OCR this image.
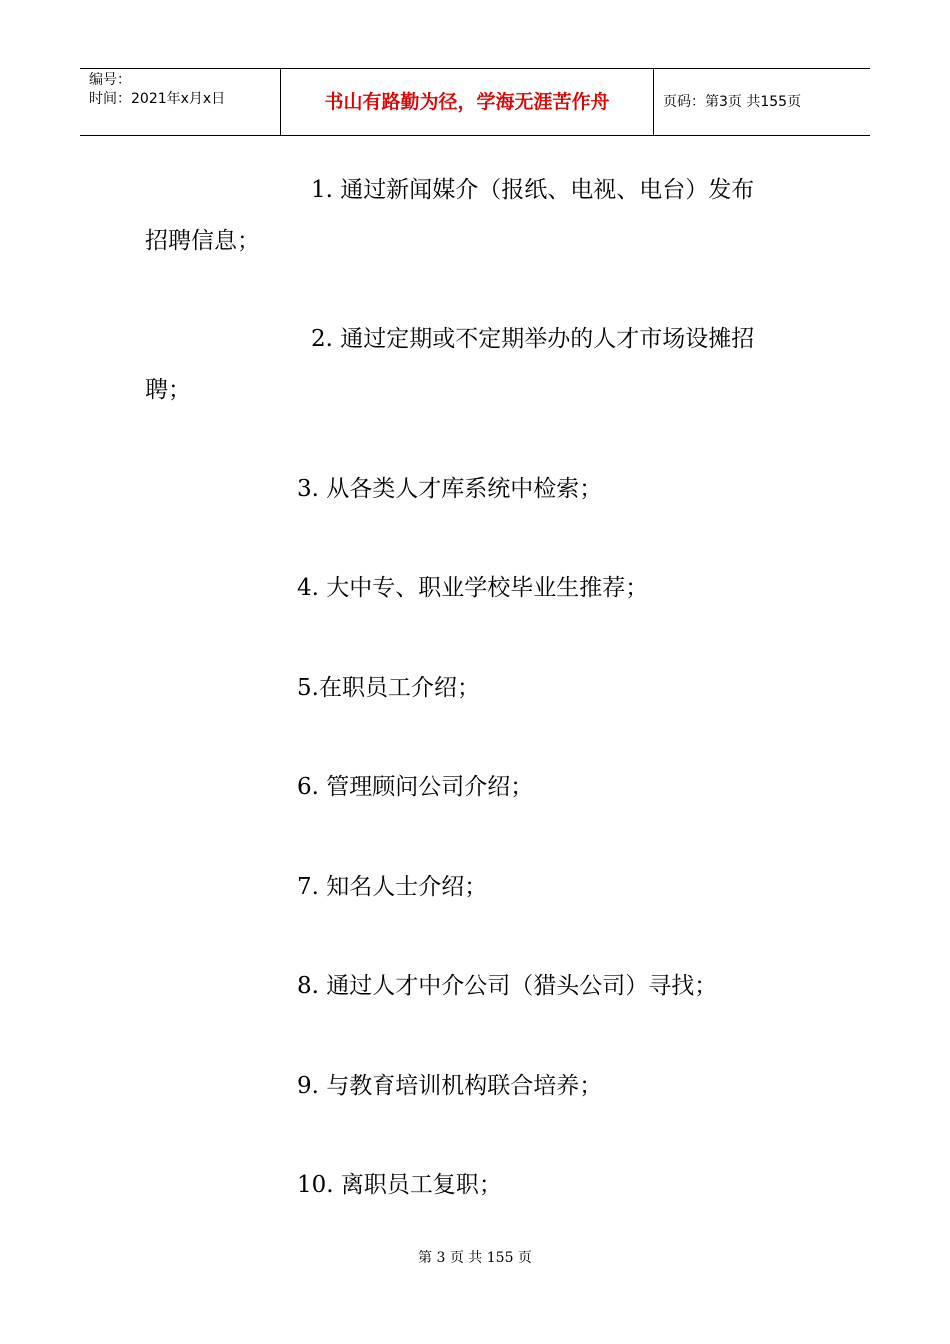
编号：
时间：2021年x月x日	书山有路勤为径，学海无涯苦作舟	页码：第3页 共155页
1. 通过新闻媒介（报纸、电视、电台）发布
招聘信息；
2. 通过定期或不定期举办的人才市场设摊招
聘；
3. 从各类人才库系统中检索；
4. 大中专、职业学校毕业生推荐；
5.在职员工介绍；
6. 管理顾问公司介绍；
7. 知名人士介绍；
8. 通过人才中介公司（猎头公司）寻找；
9. 与教育培训机构联合培养；
10. 离职员工复职；
第 3 页 共 155 页
